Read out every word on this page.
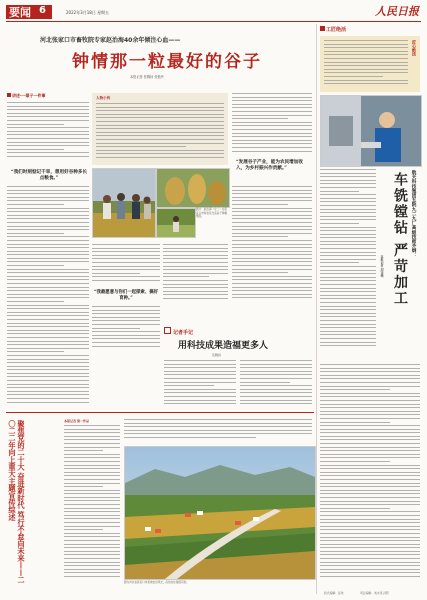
要闻 6	2022年3月18日 星期五	人民日报
河北张家口市畜牧院专家赵治海40余年倾注心血——
钟情那一粒最好的谷子
本报记者 张腾扬 张艳玲
讲述·一辈子一件事
“我们时刻惦记干旱，想用好谷种多长点粮食。”
人物小传
图片：赵治海（左二）在张家口市和农民交流谷子种植情况。
“我最愿意与你们一起探索、搞好育种。”
“发展谷子产业，能为农民增加收入，为乡村振兴作贡献。”
记者手记
用科技成果造福更多人
张腾扬
工匠绝活
匠心绝技
航天科技集团五院九二九厂高级技师齐炯：
车铣镗钻 严苛加工
本报记者 刘诗瑶
聚焦党的二十大 奋进新时代 笃行不怠向未来——二〇二二年向上重大主题宣传综述	本报记者 第一作品
图为河北省张家口市某地农田风光，沿线村庄错落有致。
版式编辑：张欢	责任编辑：刘永涛 孙阳
